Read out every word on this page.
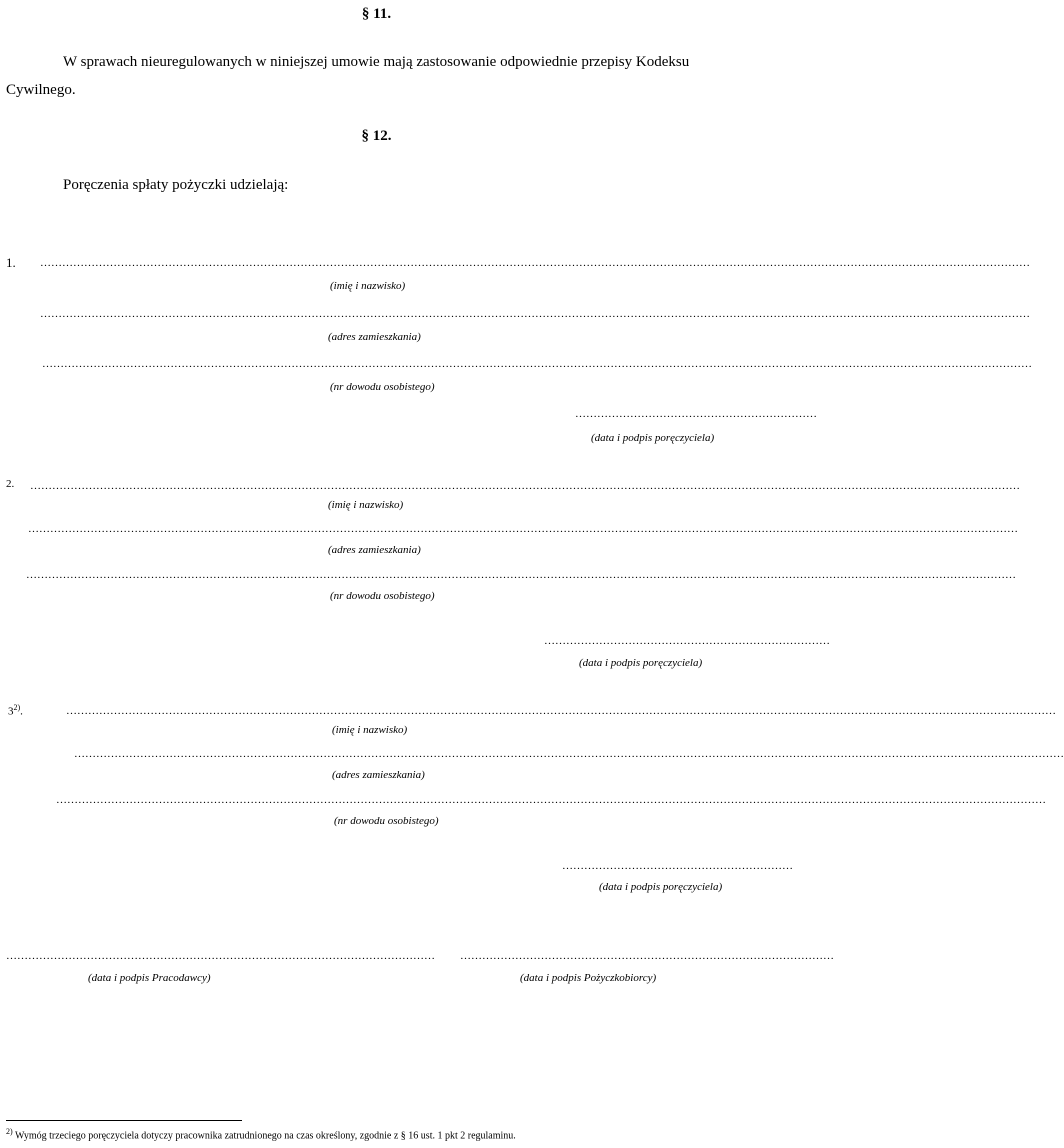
§ 11.
W sprawach nieuregulowanych w niniejszej umowie mają zastosowanie odpowiednie przepisy Kodeksu
Cywilnego.
§ 12.
Poręczenia spłaty pożyczki udzielają:
1. ………………………………………………………………………………………………………………………………………………………………………………………………………………………………………………
(imię i nazwisko)
………………………………………………………………………………………………………………………………………………………………………………………………………………………………………………
(adres zamieszkania)
………………………………………………………………………………………………………………………………………………………………………………………………………………………………………………
(nr dowodu osobistego)
…………………………………………………………
(data i podpis poręczyciela)
2. ………………………………………………………………………………………………………………………………………………………………………………………………………………………………………………
(imię i nazwisko)
………………………………………………………………………………………………………………………………………………………………………………………………………………………………………………
(adres zamieszkania)
………………………………………………………………………………………………………………………………………………………………………………………………………………………………………………
(nr dowodu osobistego)
……………………………………………………………………
(data i podpis poręczyciela)
3$^{2)}$.	………………………………………………………………………………………………………………………………………………………………………………………………………………………………………………
(imię i nazwisko)
………………………………………………………………………………………………………………………………………………………………………………………………………………………………………………
(adres zamieszkania)
………………………………………………………………………………………………………………………………………………………………………………………………………………………………………………
(nr dowodu osobistego)
………………………………………………………
(data i podpis poręczyciela)
………………………………………………………………………………………………………
(data i podpis Pracodawcy)
…………………………………………………………………………………………
(data i podpis Pożyczkobiorcy)
$^{2)}$ Wymóg trzeciego poręczyciela dotyczy pracownika zatrudnionego na czas określony, zgodnie z § 16 ust. 1 pkt 2 regulaminu.
